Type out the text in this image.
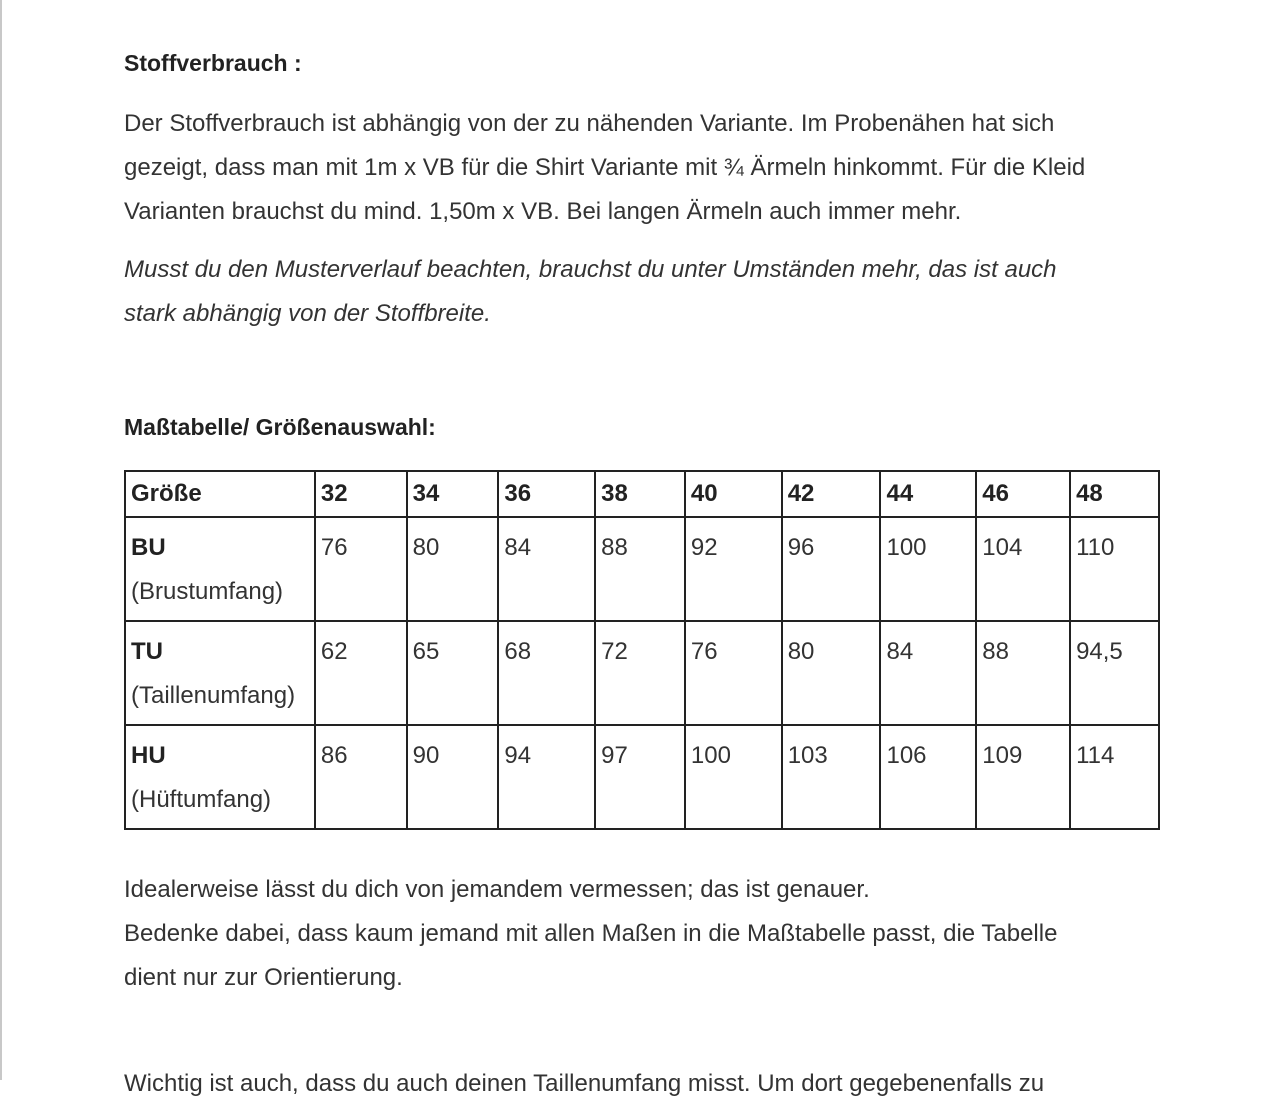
Stoffverbrauch :
Der Stoffverbrauch ist abhängig von der zu nähenden Variante. Im Probenähen hat sich
gezeigt, dass man mit 1m x VB für die Shirt Variante mit ¾ Ärmeln hinkommt. Für die Kleid
Varianten brauchst du mind. 1,50m x VB. Bei langen Ärmeln auch immer mehr.
Musst du den Musterverlauf beachten, brauchst du unter Umständen mehr, das ist auch
stark abhängig von der Stoffbreite.
Maßtabelle/ Größenauswahl:
Größe	32	34	36	38	40	42	44	46	48
BU
(Brustumfang)	76	80	84	88	92	96	100	104	110
TU
(Taillenumfang)	62	65	68	72	76	80	84	88	94,5
HU
(Hüftumfang)	86	90	94	97	100	103	106	109	114
Idealerweise lässt du dich von jemandem vermessen; das ist genauer.
Bedenke dabei, dass kaum jemand mit allen Maßen in die Maßtabelle passt, die Tabelle
dient nur zur Orientierung.
Wichtig ist auch, dass du auch deinen Taillenumfang misst. Um dort gegebenenfalls zu
